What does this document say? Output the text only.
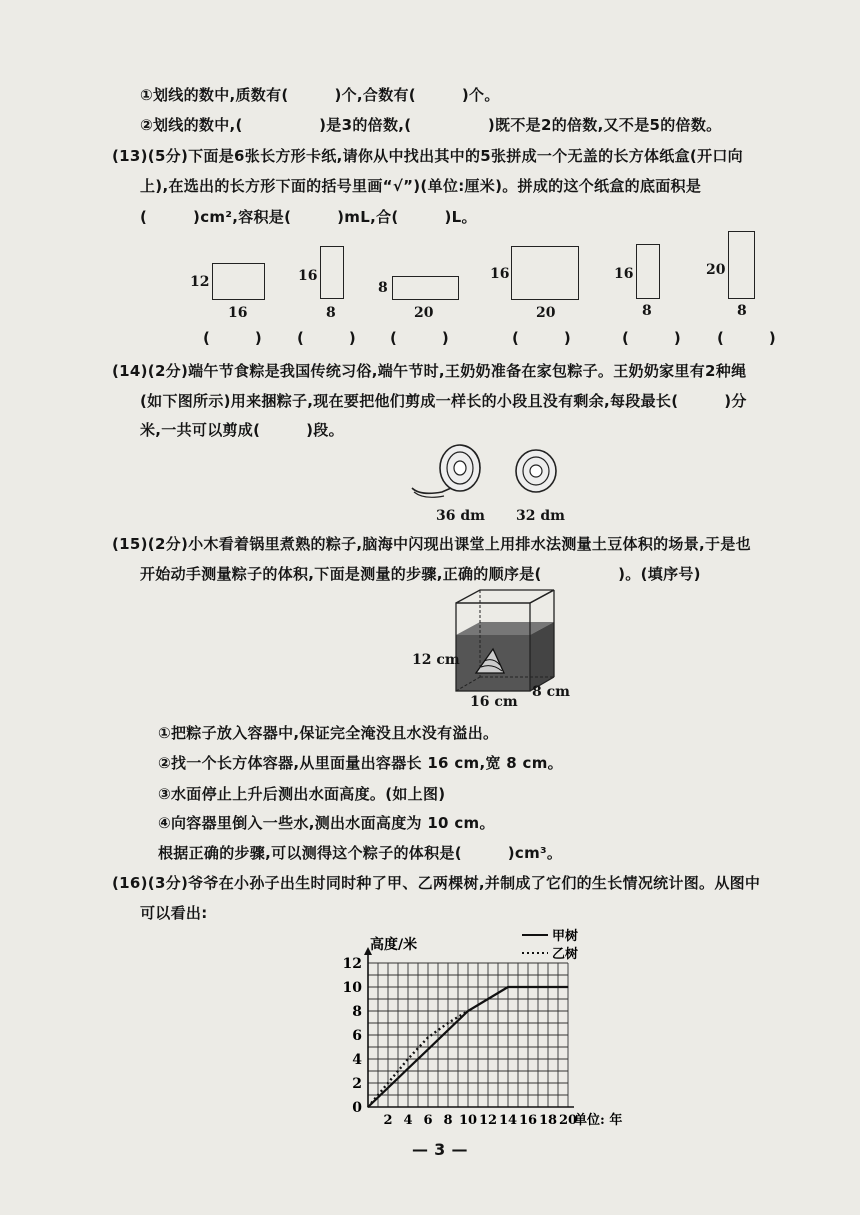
①划线的数中,质数有(　　　)个,合数有(　　　)个。
②划线的数中,(　　　　　)是3的倍数,(　　　　　)既不是2的倍数,又不是5的倍数。
(13)(5分)下面是6张长方形卡纸,请你从中找出其中的5张拼成一个无盖的长方体纸盒(开口向
上),在选出的长方形下面的括号里画“√”)(单位:厘米)。拼成的这个纸盒的底面积是
(　　　)cm²,容积是(　　　)mL,合(　　　)L。
12
16
(　　　)
16
8
(　　　)
8
20
(　　　)
16
20
(　　　)
16
8
(　　　)
20
8
(　　　)
(14)(2分)端午节食粽是我国传统习俗,端午节时,王奶奶准备在家包粽子。王奶奶家里有2种绳
(如下图所示)用来捆粽子,现在要把他们剪成一样长的小段且没有剩余,每段最长(　　　)分
米,一共可以剪成(　　　)段。
36 dm 32 dm
(15)(2分)小木看着锅里煮熟的粽子,脑海中闪现出课堂上用排水法测量土豆体积的场景,于是也
开始动手测量粽子的体积,下面是测量的步骤,正确的顺序是(　　　　　)。(填序号)
12 cm
16 cm
8 cm
①把粽子放入容器中,保证完全淹没且水没有溢出。
②找一个长方体容器,从里面量出容器长 16 cm,宽 8 cm。
③水面停止上升后测出水面高度。(如上图)
④向容器里倒入一些水,测出水面高度为 10 cm。
根据正确的步骤,可以测得这个粽子的体积是(　　　)cm³。
(16)(3分)爷爷在小孙子出生时同时种了甲、乙两棵树,并制成了它们的生长情况统计图。从图中
可以看出:
0
2
4
6
8
10
12
2 4 6 8 10 12 14 16 18 20
高度/米
单位: 年
甲树
乙树
— 3 —
